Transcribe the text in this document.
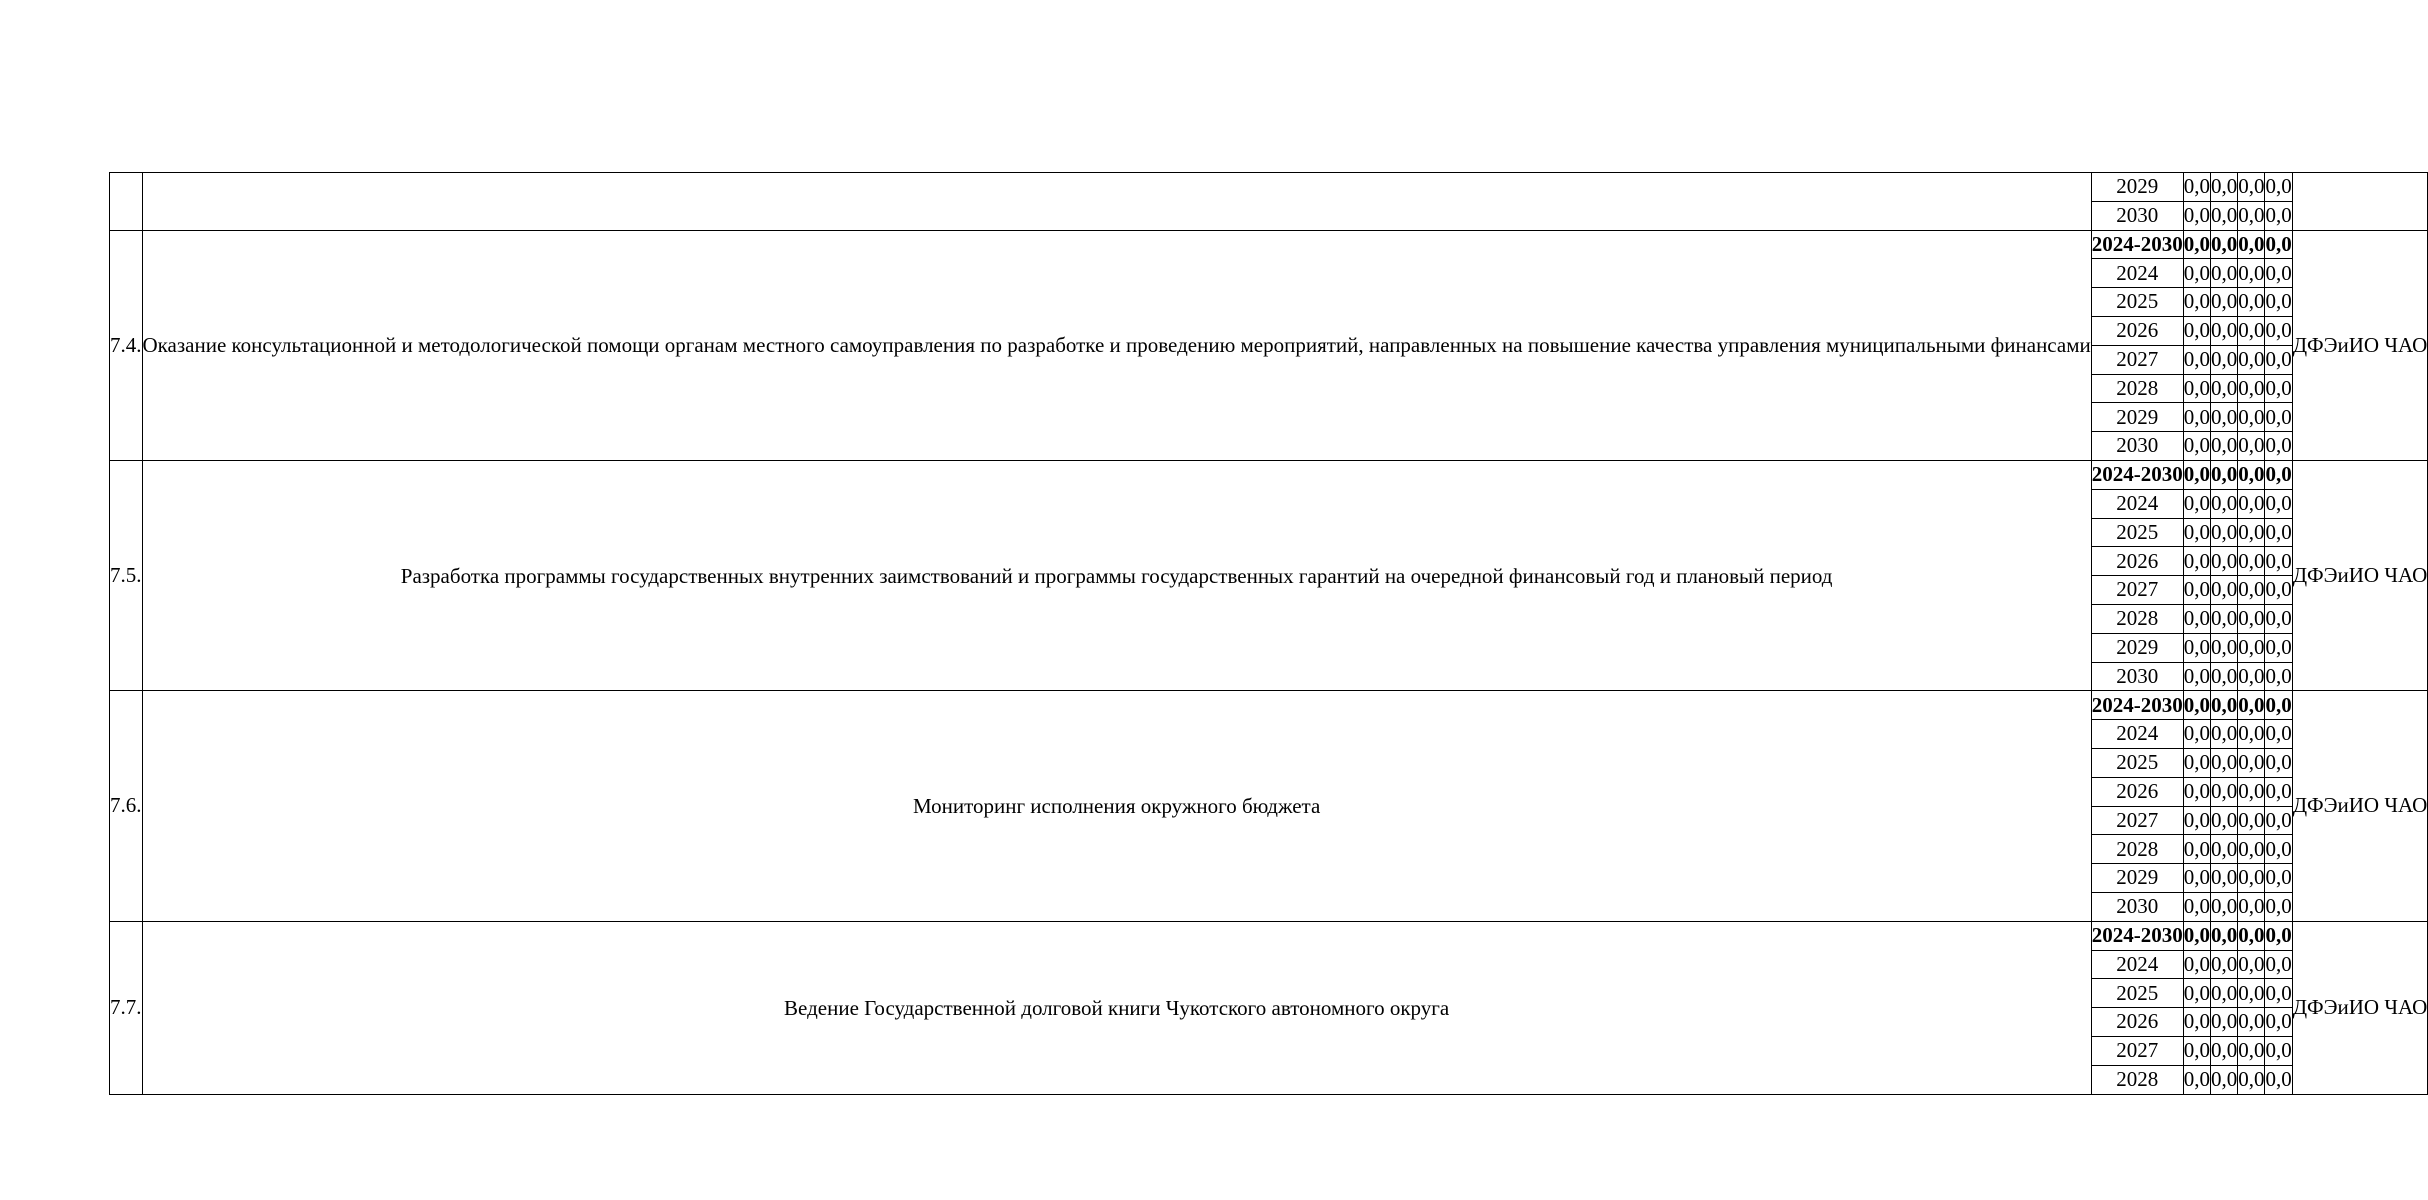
		2029	0,0	0,0	0,0	0,0	
		2030	0,0	0,0	0,0	0,0	
7.4.	Оказание консультационной и методологической помощи органам местного самоуправления по разработке и проведению мероприятий, направленных на повышение качества управления муниципальными финансами	2024-2030	0,0	0,0	0,0	0,0	ДФЭиИО ЧАО
		2024	0,0	0,0	0,0	0,0	
		2025	0,0	0,0	0,0	0,0	
		2026	0,0	0,0	0,0	0,0	
		2027	0,0	0,0	0,0	0,0	
		2028	0,0	0,0	0,0	0,0	
		2029	0,0	0,0	0,0	0,0	
		2030	0,0	0,0	0,0	0,0	
7.5.	Разработка программы государственных внутренних заимствований и программы государственных гарантий на очередной финансовый год и плановый период	2024-2030	0,0	0,0	0,0	0,0	ДФЭиИО ЧАО
		2024	0,0	0,0	0,0	0,0	
		2025	0,0	0,0	0,0	0,0	
		2026	0,0	0,0	0,0	0,0	
		2027	0,0	0,0	0,0	0,0	
		2028	0,0	0,0	0,0	0,0	
		2029	0,0	0,0	0,0	0,0	
		2030	0,0	0,0	0,0	0,0	
7.6.	Мониторинг исполнения окружного бюджета	2024-2030	0,0	0,0	0,0	0,0	ДФЭиИО ЧАО
		2024	0,0	0,0	0,0	0,0	
		2025	0,0	0,0	0,0	0,0	
		2026	0,0	0,0	0,0	0,0	
		2027	0,0	0,0	0,0	0,0	
		2028	0,0	0,0	0,0	0,0	
		2029	0,0	0,0	0,0	0,0	
		2030	0,0	0,0	0,0	0,0	
7.7.	Ведение Государственной долговой книги Чукотского автономного округа	2024-2030	0,0	0,0	0,0	0,0	ДФЭиИО ЧАО
		2024	0,0	0,0	0,0	0,0	
		2025	0,0	0,0	0,0	0,0	
		2026	0,0	0,0	0,0	0,0	
		2027	0,0	0,0	0,0	0,0	
		2028	0,0	0,0	0,0	0,0	
